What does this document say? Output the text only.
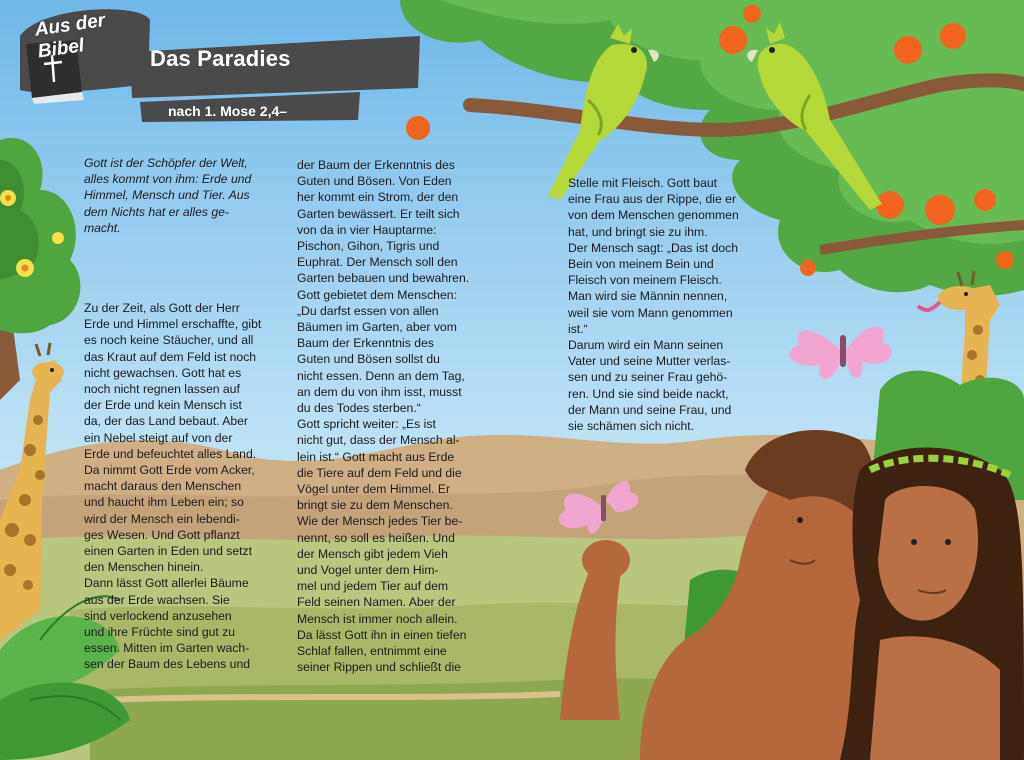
Aus der Bibel	Das Paradies
nach 1. Mose 2,4–

Gott ist der Schöpfer der Welt,
alles kommt von ihm: Erde und
Himmel, Mensch und Tier. Aus
dem Nichts hat er alles ge-
macht.

Zu der Zeit, als Gott der Herr
Erde und Himmel erschaffte, gibt
es noch keine Stäucher, und all
das Kraut auf dem Feld ist noch
nicht gewachsen. Gott hat es
noch nicht regnen lassen auf
der Erde und kein Mensch ist
da, der das Land bebaut. Aber
ein Nebel steigt auf von der
Erde und befeuchtet alles Land.
Da nimmt Gott Erde vom Acker,
macht daraus den Menschen
und haucht ihm Leben ein; so
wird der Mensch ein lebendi-
ges Wesen. Und Gott pflanzt
einen Garten in Eden und setzt
den Menschen hinein.
Dann lässt Gott allerlei Bäume
aus der Erde wachsen. Sie
sind verlockend anzusehen
und ihre Früchte sind gut zu
essen. Mitten im Garten wach-
sen der Baum des Lebens und

der Baum der Erkenntnis des
Guten und Bösen. Von Eden
her kommt ein Strom, der den
Garten bewässert. Er teilt sich
von da in vier Hauptarme:
Pischon, Gihon, Tigris und
Euphrat. Der Mensch soll den
Garten bebauen und bewahren.
Gott gebietet dem Menschen:
„Du darfst essen von allen
Bäumen im Garten, aber vom
Baum der Erkenntnis des
Guten und Bösen sollst du
nicht essen. Denn an dem Tag,
an dem du von ihm isst, musst
du des Todes sterben.“
Gott spricht weiter: „Es ist
nicht gut, dass der Mensch al-
lein ist.“ Gott macht aus Erde
die Tiere auf dem Feld und die
Vögel unter dem Himmel. Er
bringt sie zu dem Menschen.
Wie der Mensch jedes Tier be-
nennt, so soll es heißen. Und
der Mensch gibt jedem Vieh
und Vogel unter dem Him-
mel und jedem Tier auf dem
Feld seinen Namen. Aber der
Mensch ist immer noch allein.
Da lässt Gott ihn in einen tiefen
Schlaf fallen, entnimmt eine
seiner Rippen und schließt die

Stelle mit Fleisch. Gott baut
eine Frau aus der Rippe, die er
von dem Menschen genommen
hat, und bringt sie zu ihm.
Der Mensch sagt: „Das ist doch
Bein von meinem Bein und
Fleisch von meinem Fleisch.
Man wird sie Männin nennen,
weil sie vom Mann genommen
ist.“
Darum wird ein Mann seinen
Vater und seine Mutter verlas-
sen und zu seiner Frau gehö-
ren. Und sie sind beide nackt,
der Mann und seine Frau, und
sie schämen sich nicht.
